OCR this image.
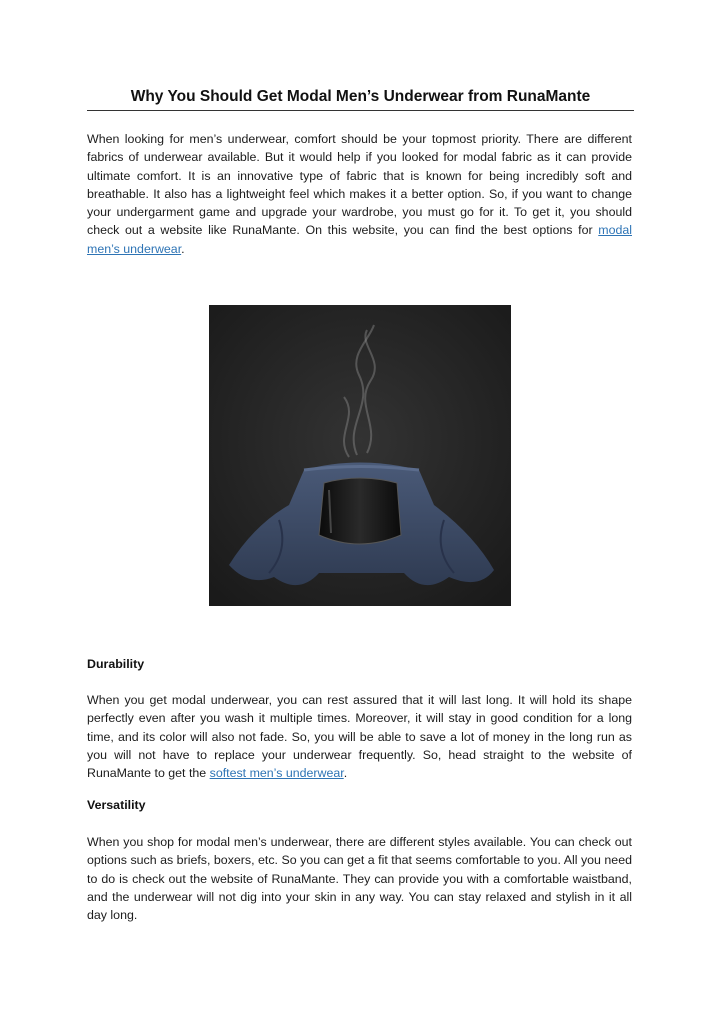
Why You Should Get Modal Men’s Underwear from RunaMante

When looking for men’s underwear, comfort should be your topmost priority. There are different fabrics of underwear available. But it would help if you looked for modal fabric as it can provide ultimate comfort. It is an innovative type of fabric that is known for being incredibly soft and breathable. It also has a lightweight feel which makes it a better option. So, if you want to change your undergarment game and upgrade your wardrobe, you must go for it. To get it, you should check out a website like RunaMante. On this website, you can find the best options for modal men’s underwear.

Durability

When you get modal underwear, you can rest assured that it will last long. It will hold its shape perfectly even after you wash it multiple times. Moreover, it will stay in good condition for a long time, and its color will also not fade. So, you will be able to save a lot of money in the long run as you will not have to replace your underwear frequently. So, head straight to the website of RunaMante to get the softest men’s underwear.

Versatility

When you shop for modal men’s underwear, there are different styles available. You can check out options such as briefs, boxers, etc. So you can get a fit that seems comfortable to you. All you need to do is check out the website of RunaMante. They can provide you with a comfortable waistband, and the underwear will not dig into your skin in any way. You can stay relaxed and stylish in it all day long.
